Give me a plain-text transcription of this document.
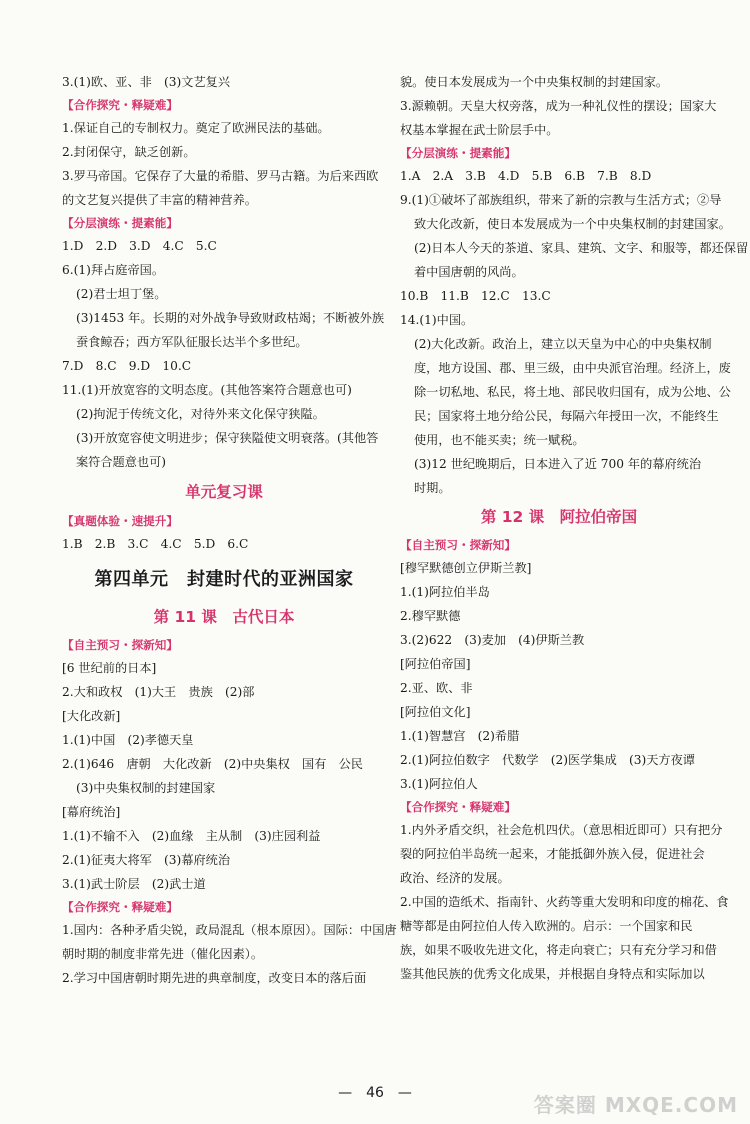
3.(1)欧、亚、非　(3)文艺复兴
【合作探究・释疑难】
1.保证自己的专制权力。奠定了欧洲民法的基础。
2.封闭保守，缺乏创新。
3.罗马帝国。它保存了大量的希腊、罗马古籍。为后来西欧
的文艺复兴提供了丰富的精神营养。
【分层演练・提素能】
1.D　2.D　3.D　4.C　5.C
6.(1)拜占庭帝国。
(2)君士坦丁堡。
(3)1453 年。长期的对外战争导致财政枯竭；不断被外族
蚕食鲸吞；西方军队征服长达半个多世纪。
7.D　8.C　9.D　10.C
11.(1)开放宽容的文明态度。(其他答案符合题意也可)
(2)拘泥于传统文化，对待外来文化保守狭隘。
(3)开放宽容使文明进步；保守狭隘使文明衰落。(其他答
案符合题意也可)
单元复习课
【真题体验・速提升】
1.B　2.B　3.C　4.C　5.D　6.C
第四单元　封建时代的亚洲国家
第 11 课　古代日本
【自主预习・探新知】
[6 世纪前的日本]
2.大和政权　(1)大王　贵族　(2)部
[大化改新]
1.(1)中国　(2)孝德天皇
2.(1)646　唐朝　大化改新　(2)中央集权　国有　公民
(3)中央集权制的封建国家
[幕府统治]
1.(1)不输不入　(2)血缘　主从制　(3)庄园利益
2.(1)征夷大将军　(3)幕府统治
3.(1)武士阶层　(2)武士道
【合作探究・释疑难】
1.国内：各种矛盾尖锐，政局混乱（根本原因）。国际：中国唐
朝时期的制度非常先进（催化因素）。
2.学习中国唐朝时期先进的典章制度，改变日本的落后面
貌。使日本发展成为一个中央集权制的封建国家。
3.源赖朝。天皇大权旁落，成为一种礼仪性的摆设；国家大
权基本掌握在武士阶层手中。
【分层演练・提素能】
1.A　2.A　3.B　4.D　5.B　6.B　7.B　8.D
9.(1)①破坏了部族组织，带来了新的宗教与生活方式；②导
致大化改新，使日本发展成为一个中央集权制的封建国家。
(2)日本人今天的茶道、家具、建筑、文字、和服等，都还保留
着中国唐朝的风尚。
10.B　11.B　12.C　13.C
14.(1)中国。
(2)大化改新。政治上，建立以天皇为中心的中央集权制
度，地方设国、郡、里三级，由中央派官治理。经济上，废
除一切私地、私民，将土地、部民收归国有，成为公地、公
民；国家将土地分给公民，每隔六年授田一次，不能终生
使用，也不能买卖；统一赋税。
(3)12 世纪晚期后，日本进入了近 700 年的幕府统治
时期。
第 12 课　阿拉伯帝国
【自主预习・探新知】
[穆罕默德创立伊斯兰教]
1.(1)阿拉伯半岛
2.穆罕默德
3.(2)622　(3)麦加　(4)伊斯兰教
[阿拉伯帝国]
2.亚、欧、非
[阿拉伯文化]
1.(1)智慧宫　(2)希腊
2.(1)阿拉伯数字　代数学　(2)医学集成　(3)天方夜谭
3.(1)阿拉伯人
【合作探究・释疑难】
1.内外矛盾交织，社会危机四伏。（意思相近即可）只有把分
裂的阿拉伯半岛统一起来，才能抵御外族入侵，促进社会
政治、经济的发展。
2.中国的造纸术、指南针、火药等重大发明和印度的棉花、食
糖等都是由阿拉伯人传入欧洲的。启示：一个国家和民
族，如果不吸收先进文化，将走向衰亡；只有充分学习和借
鉴其他民族的优秀文化成果，并根据自身特点和实际加以
—　46　—	答案圈 MXQE.COM
